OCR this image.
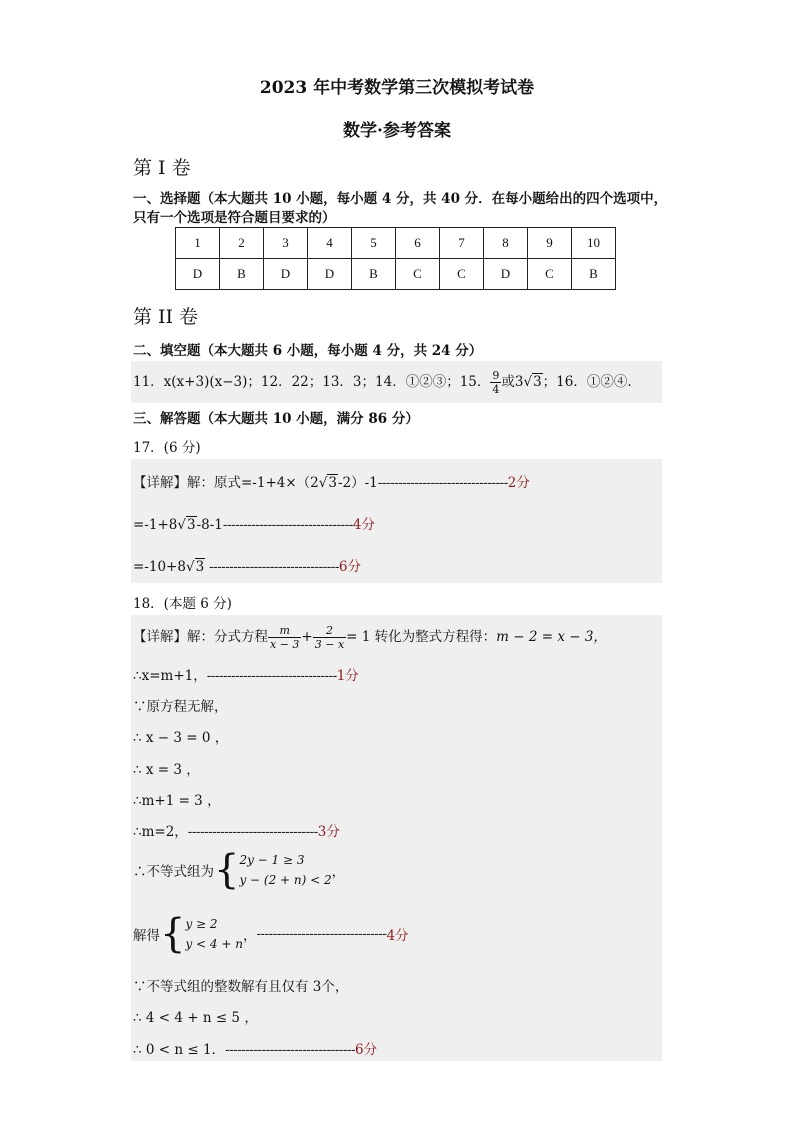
2023 年中考数学第三次模拟考试卷
数学·参考答案
第 I 卷
一、选择题（本大题共 10 小题，每小题 4 分，共 40 分．在每小题给出的四个选项中，
只有一个选项是符合题目要求的）
1	2	3	4	5	6	7	8	9	10
D	B	D	D	B	C	C	D	C	B
第 II 卷
二、填空题（本大题共 6 小题，每小题 4 分，共 24 分）
11．x(x+3)(x−3)；12．22；13．3；14．①②③；15． $\frac{9}{4}$ 或3√3；16．①②④.
三、解答题（本大题共 10 小题，满分 86 分）
17．(6 分)
【详解】解：原式=-1+4×（2√3-2）-1--------------------------------2分
=-1+8√3-8-1--------------------------------4分
=-10+8√3 --------------------------------6分
18．(本题 6 分)
【详解】解：分式方程 $\frac{m}{x - 3} + \frac{2}{3 - x} = 1$ 转化为整式方程得：m − 2 = x − 3，
∴x=m+1，--------------------------------1分
∵原方程无解，
∴ x − 3 = 0 ，
∴ x = 3 ，
∴m+1 = 3 ，
∴m=2，--------------------------------3分
∴不等式组为{ 2y − 1 ≥ 3
y − (2 + n) < 2 ，
解得{ y ≥ 2
y < 4 + n ，--------------------------------4分
∵不等式组的整数解有且仅有 3个，
∴ 4 < 4 + n ≤ 5 ，
∴ 0 < n ≤ 1．--------------------------------6分
